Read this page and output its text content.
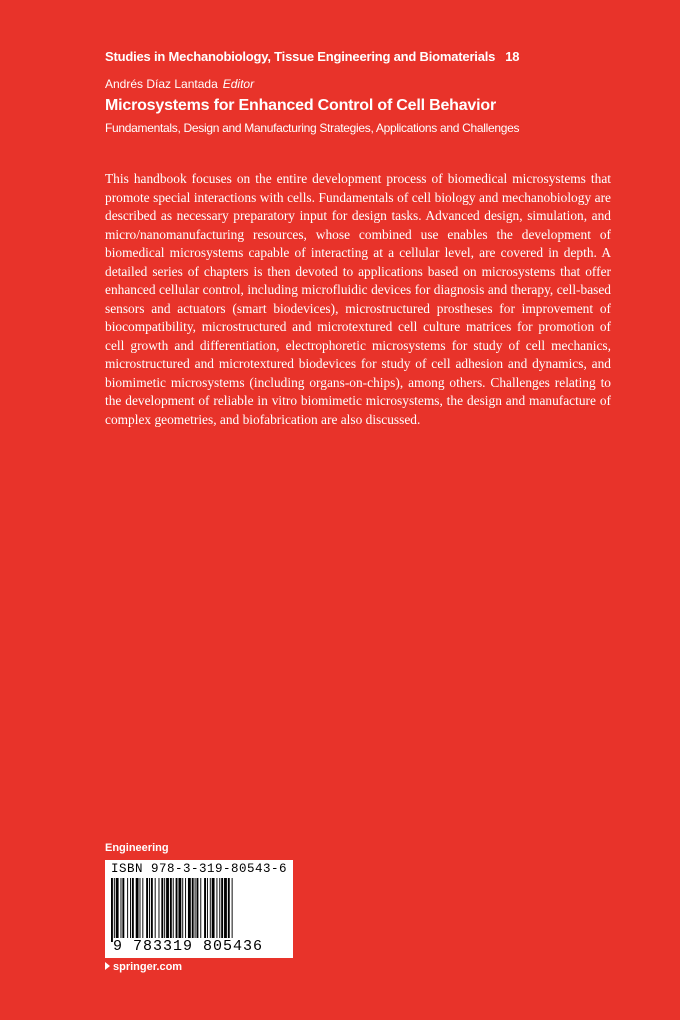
Studies in Mechanobiology, Tissue Engineering and Biomaterials 18
Andrés Díaz Lantada Editor
Microsystems for Enhanced Control of Cell Behavior
Fundamentals, Design and Manufacturing Strategies, Applications and Challenges
This handbook focuses on the entire development process of biomedical microsystems that promote special interactions with cells. Fundamentals of cell biology and mechanobiology are described as necessary preparatory input for design tasks. Advanced design, simulation, and micro/nanomanufacturing resources, whose combined use enables the development of biomedical microsystems capable of interacting at a cellular level, are covered in depth. A detailed series of chapters is then devoted to applications based on microsystems that offer enhanced cellular control, including microfluidic devices for diagnosis and therapy, cell-based sensors and actuators (smart biodevices), microstructured prostheses for improvement of biocompatibility, microstructured and microtextured cell culture matrices for promotion of cell growth and differentiation, electrophoretic microsystems for study of cell mechanics, microstructured and microtextured biodevices for study of cell adhesion and dynamics, and biomimetic microsystems (including organs-on-chips), among others. Challenges relating to the development of reliable in vitro biomimetic microsystems, the design and manufacture of complex geometries, and biofabrication are also discussed.
Engineering
ISBN 978-3-319-80543-6
9 783319 805436
springer.com
